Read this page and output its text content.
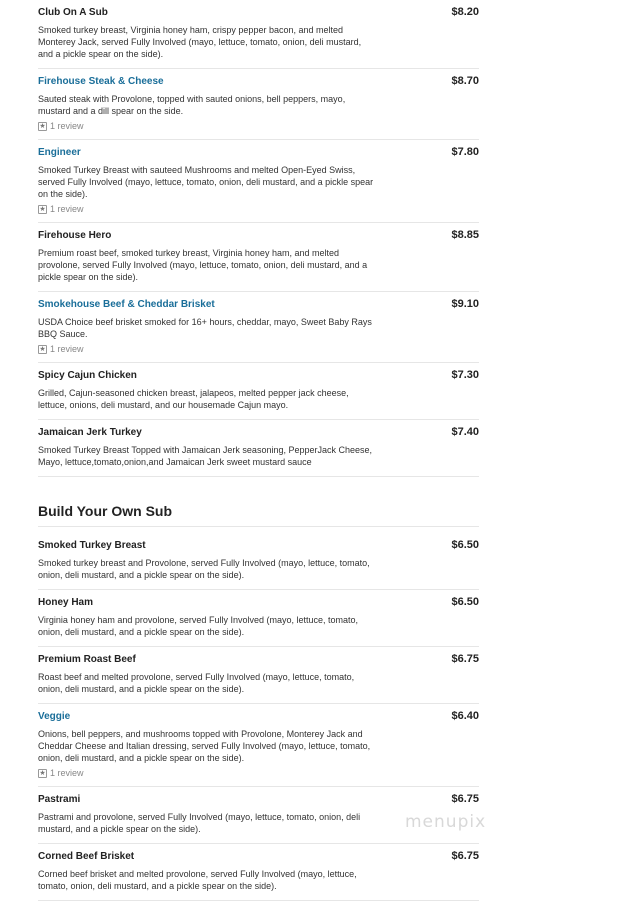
Club On A Sub	$8.20
Smoked turkey breast, Virginia honey ham, crispy pepper bacon, and melted Monterey Jack, served Fully Involved (mayo, lettuce, tomato, onion, deli mustard, and a pickle spear on the side).
Firehouse Steak & Cheese	$8.70
Sauted steak with Provolone, topped with sauted onions, bell peppers, mayo, mustard and a dill spear on the side.
★ 1 review
Engineer	$7.80
Smoked Turkey Breast with sauteed Mushrooms and melted Open-Eyed Swiss, served Fully Involved (mayo, lettuce, tomato, onion, deli mustard, and a pickle spear on the side).
★ 1 review
Firehouse Hero	$8.85
Premium roast beef, smoked turkey breast, Virginia honey ham, and melted provolone, served Fully Involved (mayo, lettuce, tomato, onion, deli mustard, and a pickle spear on the side).
Smokehouse Beef & Cheddar Brisket	$9.10
USDA Choice beef brisket smoked for 16+ hours, cheddar, mayo, Sweet Baby Rays BBQ Sauce.
★ 1 review
Spicy Cajun Chicken	$7.30
Grilled, Cajun-seasoned chicken breast, jalapeos, melted pepper jack cheese, lettuce, onions, deli mustard, and our housemade Cajun mayo.
Jamaican Jerk Turkey	$7.40
Smoked Turkey Breast Topped with Jamaican Jerk seasoning, PepperJack Cheese, Mayo, lettuce,tomato,onion,and Jamaican Jerk sweet mustard sauce
Build Your Own Sub
Smoked Turkey Breast	$6.50
Smoked turkey breast and Provolone, served Fully Involved (mayo, lettuce, tomato, onion, deli mustard, and a pickle spear on the side).
Honey Ham	$6.50
Virginia honey ham and provolone, served Fully Involved (mayo, lettuce, tomato, onion, deli mustard, and a pickle spear on the side).
Premium Roast Beef	$6.75
Roast beef and melted provolone, served Fully Involved (mayo, lettuce, tomato, onion, deli mustard, and a pickle spear on the side).
Veggie	$6.40
Onions, bell peppers, and mushrooms topped with Provolone, Monterey Jack and Cheddar Cheese and Italian dressing, served Fully Involved (mayo, lettuce, tomato, onion, deli mustard, and a pickle spear on the side).
★ 1 review
Pastrami	$6.75
Pastrami and provolone, served Fully Involved (mayo, lettuce, tomato, onion, deli mustard, and a pickle spear on the side).
Corned Beef Brisket	$6.75
Corned beef brisket and melted provolone, served Fully Involved (mayo, lettuce, tomato, onion, deli mustard, and a pickle spear on the side).
menupix
